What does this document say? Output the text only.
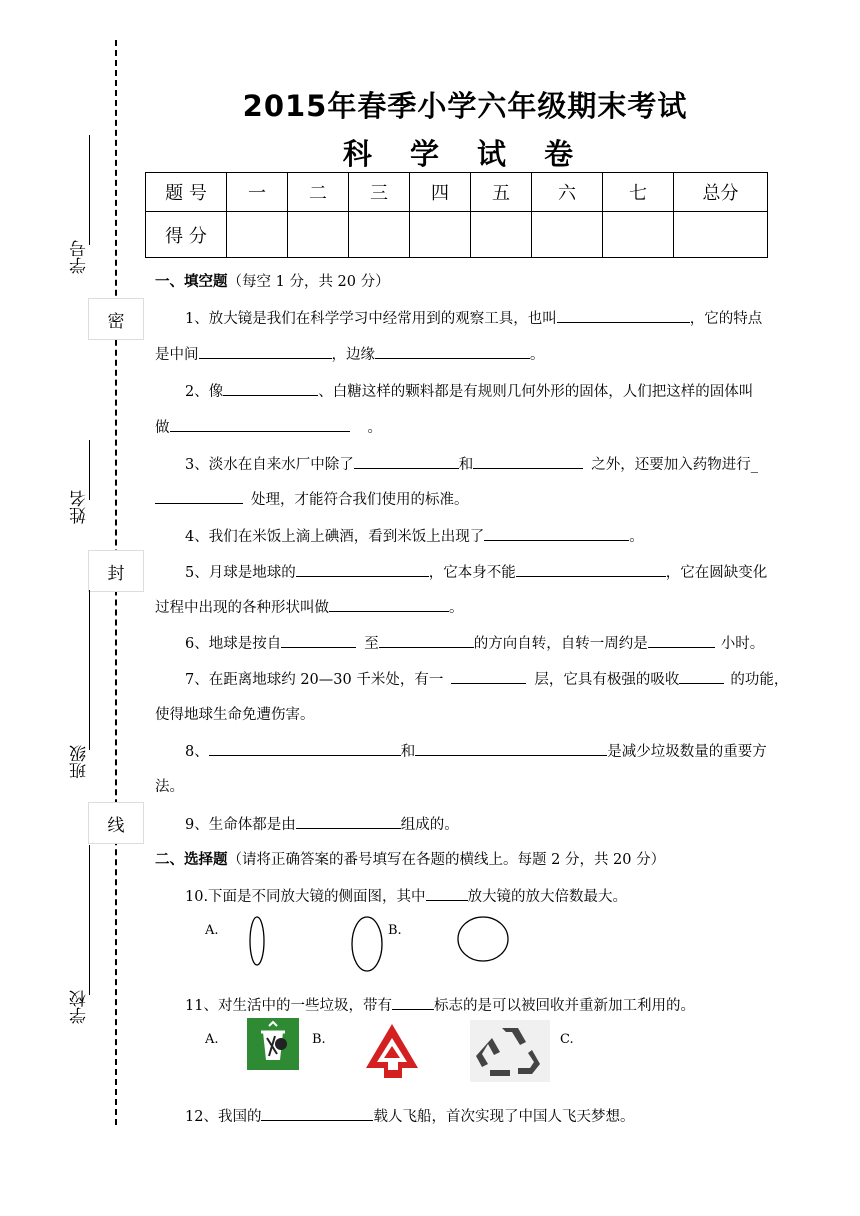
学号
密
姓名
封
班级
线
学校
2015年春季小学六年级期末考试
科 学 试 卷
题 号	一	二	三	四	五	六	七	总分
得 分								
一、填空题（每空 1 分，共 20 分）
1、放大镜是我们在科学学习中经常用到的观察工具，也叫	，它的特点
是中间	，边缘	。
2、像	、白糖这样的颗料都是有规则几何外形的固体，人们把这样的固体叫
做	。
3、淡水在自来水厂中除了	和	之外，还要加入药物进行_
处理，才能符合我们使用的标准。
4、我们在米饭上滴上碘酒，看到米饭上出现了	。
5、月球是地球的	，它本身不能	，它在圆缺变化
过程中出现的各种形状叫做	。
6、地球是按自	至	的方向自转，自转一周约是	小时。
7、在距离地球约 20—30 千米处，有一	层，它具有极强的吸收	的功能，
使得地球生命免遭伤害。
8、	和	是减少垃圾数量的重要方
法。
9、生命体都是由	组成的。
二、选择题（请将正确答案的番号填写在各题的横线上。每题 2 分，共 20 分）
10.下面是不同放大镜的侧面图，其中	放大镜的放大倍数最大。
A.	B.
11、对生活中的一些垃圾，带有	标志的是可以被回收并重新加工利用的。
A.	B.	C.
12、我国的	载人飞船，首次实现了中国人飞天梦想。
